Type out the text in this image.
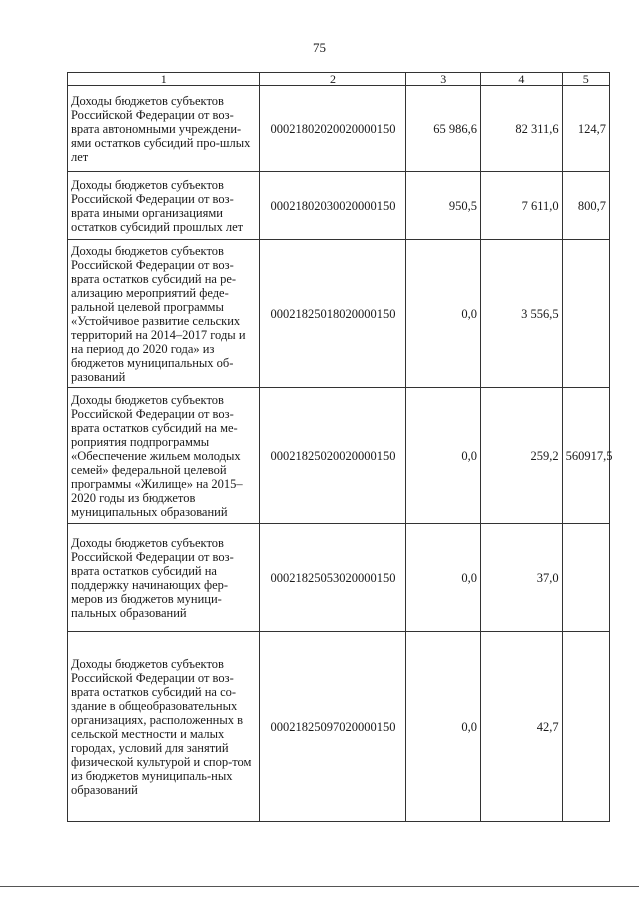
75
1	2	3	4	5
Доходы бюджетов субъектов Российской Федерации от воз-врата автономными учреждени-ями остатков субсидий про-шлых лет	00021802020020000150	65 986,6	82 311,6	124,7
Доходы бюджетов субъектов Российской Федерации от воз-врата иными организациями остатков субсидий прошлых лет	00021802030020000150	950,5	7 611,0	800,7
Доходы бюджетов субъектов Российской Федерации от воз-врата остатков субсидий на ре-ализацию мероприятий феде-ральной целевой программы «Устойчивое развитие сельских территорий на 2014–2017 годы и на период до 2020 года» из бюджетов муниципальных об-разований	00021825018020000150	0,0	3 556,5	
Доходы бюджетов субъектов Российской Федерации от воз-врата остатков субсидий на ме-роприятия подпрограммы «Обеспечение жильем молодых семей» федеральной целевой программы «Жилище» на 2015–2020 годы из бюджетов муниципальных образований	00021825020020000150	0,0	259,2	560917,5
Доходы бюджетов субъектов Российской Федерации от воз-врата остатков субсидий на поддержку начинающих фер-меров из бюджетов муници-пальных образований	00021825053020000150	0,0	37,0	
Доходы бюджетов субъектов Российской Федерации от воз-врата остатков субсидий на со-здание в общеобразовательных организациях, расположенных в сельской местности и малых городах, условий для занятий физической культурой и спор-том из бюджетов муниципаль-ных образований	00021825097020000150	0,0	42,7	
